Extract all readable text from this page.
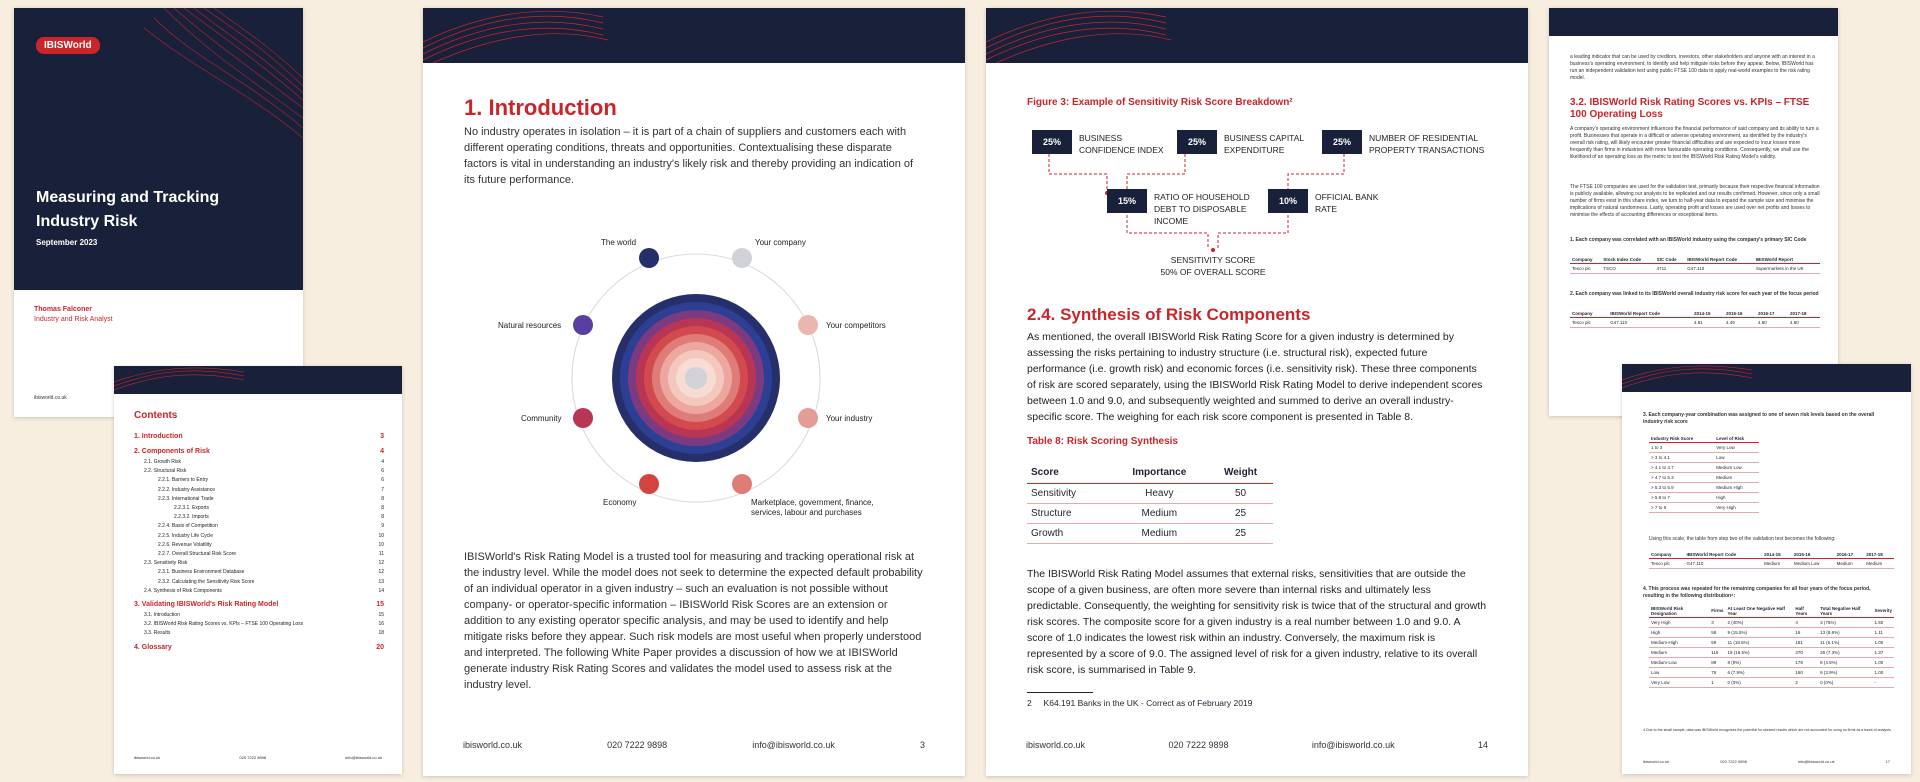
IBISWorld
Measuring and Tracking Industry Risk
September 2023
Thomas Falconer
Industry and Risk Analyst
ibisworld.co.uk
Contents
1. Introduction	3
2. Components of Risk	4
2.1. Growth Risk	4
2.2. Structural Risk	6
2.2.1. Barriers to Entry	6
2.2.2. Industry Assistance	7
2.2.3. International Trade	8
2.2.3.1. Exports	8
2.2.3.2. Imports	8
2.2.4. Basis of Competition	9
2.2.5. Industry Life Cycle	10
2.2.6. Revenue Volatility	10
2.2.7. Overall Structural Risk Score	11
2.3. Sensitivity Risk	12
2.3.1. Business Environment Database	12
2.3.2. Calculating the Sensitivity Risk Score	13
2.4. Synthesis of Risk Components	14
3. Validating IBISWorld's Risk Rating Model	15
3.1. Introduction	15
3.2. IBISWorld Risk Rating Scores vs. KPIs – FTSE 100 Operating Loss	16
3.3. Results	18
4. Glossary	20
ibisworld.co.uk	020 7222 9898	info@ibisworld.co.uk
1. Introduction

No industry operates in isolation – it is part of a chain of suppliers and customers each with different operating conditions, threats and opportunities. Contextualising these disparate factors is vital in understanding an industry's likely risk and thereby providing an indication of its future performance.

The world	Your company
Natural resources	Your competitors
Community	Your industry
Economy	Marketplace, government, finance, services, labour and purchases

IBISWorld's Risk Rating Model is a trusted tool for measuring and tracking operational risk at the industry level. While the model does not seek to determine the expected default probability of an individual operator in a given industry – such an evaluation is not possible without company- or operator-specific information – IBISWorld Risk Scores are an extension or addition to any existing operator specific analysis, and may be used to identify and help mitigate risks before they appear. Such risk models are most useful when properly understood and interpreted. The following White Paper provides a discussion of how we at IBISWorld generate industry Risk Rating Scores and validates the model used to assess risk at the industry level.

ibisworld.co.uk	020 7222 9898	info@ibisworld.co.uk	3
Figure 3: Example of Sensitivity Risk Score Breakdown²
25%	BUSINESS CONFIDENCE INDEX
25%	BUSINESS CAPITAL EXPENDITURE
25%	NUMBER OF RESIDENTIAL PROPERTY TRANSACTIONS
15%	RATIO OF HOUSEHOLD DEBT TO DISPOSABLE INCOME
10%	OFFICIAL BANK RATE
SENSITIVITY SCORE
50% OF OVERALL SCORE
2.4. Synthesis of Risk Components

As mentioned, the overall IBISWorld Risk Rating Score for a given industry is determined by assessing the risks pertaining to industry structure (i.e. structural risk), expected future performance (i.e. growth risk) and economic forces (i.e. sensitivity risk). These three components of risk are scored separately, using the IBISWorld Risk Rating Model to derive independent scores between 1.0 and 9.0, and subsequently weighted and summed to derive an overall industry-specific score. The weighing for each risk score component is presented in Table 8.

Table 8: Risk Scoring Synthesis
Score	Importance	Weight
Sensitivity	Heavy	50
Structure	Medium	25
Growth	Medium	25

The IBISWorld Risk Rating Model assumes that external risks, sensitivities that are outside the scope of a given business, are often more severe than internal risks and ultimately less predictable. Consequently, the weighting for sensitivity risk is twice that of the structural and growth risk scores. The composite score for a given industry is a real number between 1.0 and 9.0. A score of 1.0 indicates the lowest risk within an industry. Conversely, the maximum risk is represented by a score of 9.0. The assigned level of risk for a given industry, relative to its overall risk score, is summarised in Table 9.

2 K64.191 Banks in the UK - Correct as of February 2019
ibisworld.co.uk	020 7222 9898	info@ibisworld.co.uk	14

a leading indicator that can be used by creditors, investors, other stakeholders and anyone with an interest in a business's operating environment, to identify and help mitigate risks before they appear. Below, IBISWorld has run an independent validation test using public FTSE 100 data to apply real-world examples to the risk rating model.

3.2. IBISWorld Risk Rating Scores vs. KPIs – FTSE 100 Operating Loss

A company's operating environment influences the financial performance of said company and its ability to turn a profit. Businesses that operate in a difficult or adverse operating environment, as identified by the industry's overall risk rating, will likely encounter greater financial difficulties and are expected to incur losses more frequently than firms in industries with more favourable operating conditions. Consequently, we shall use the likelihood of an operating loss as the metric to test the IBISWorld Risk Rating Model's validity.

The FTSE 100 companies are used for the validation test, primarily because their respective financial information is publicly available, allowing our analysis to be replicated and our results confirmed. However, since only a small number of firms exist in this share index, we turn to half-year data to expand the sample size and minimise the implications of natural randomness. Lastly, operating profit and losses are used over net profits and losses to minimise the effects of accounting differences or exceptional items.

1. Each company was correlated with an IBISWorld industry using the company's primary SIC Code

Company	Stock Index Code	SIC Code	IBISWorld Report Code	IBISWorld Report
Tesco plc	TSCO	4711	G47.110	Supermarkets in the UK

2. Each company was linked to its IBISWorld overall industry risk score for each year of the focus period

Company	IBISWorld Report Code	2014-15	2015-16	2016-17	2017-18
Tesco plc	G47.110	4.81	4.49	4.80	4.80

3. Each company-year combination was assigned to one of seven risk levels based on the overall industry risk score

Industry Risk Score	Level of Risk
1 to 3	Very Low
> 3 to 4.1	Low
> 4.1 to 4.7	Medium Low
> 4.7 to 5.3	Medium
> 5.3 to 5.9	Medium High
> 5.9 to 7	High
> 7 to 9	Very High

Using this scale, the table from step two of the validation test becomes the following:

Company	IBISWorld Report Code	2014-15	2015-16	2016-17	2017-18
Tesco plc	G47.110	Medium	Medium Low	Medium	Medium

4. This process was repeated for the remaining companies for all four years of the focus period, resulting in the following distribution⁴:

IBISWorld Risk Designation	Firms	At Least One Negative Half Year	Half Years	Total Negative Half Years	Severity
Very High	3	2 (40%)	4	3 (75%)	1.50
High	58	9 (15.5%)	16	13 (8.6%)	1.11
Medium-High	59	11 (18.6%)	181	11 (6.1%)	1.00
Medium	115	19 (16.5%)	370	26 (7.3%)	1.37
Medium-Low	89	8 (9%)	178	8 (4.5%)	1.00
Low	76	6 (7.9%)	160	6 (3.9%)	1.00
Very Low	1	0 (0%)	2	0 (0%)	-

4 Due to the small sample, data was IBISWorld recognises the potential for skewed results which are not accounted for using no firms as a basis of analysis.

ibisworld.co.uk	020 7222 9898	info@ibisworld.co.uk	17
